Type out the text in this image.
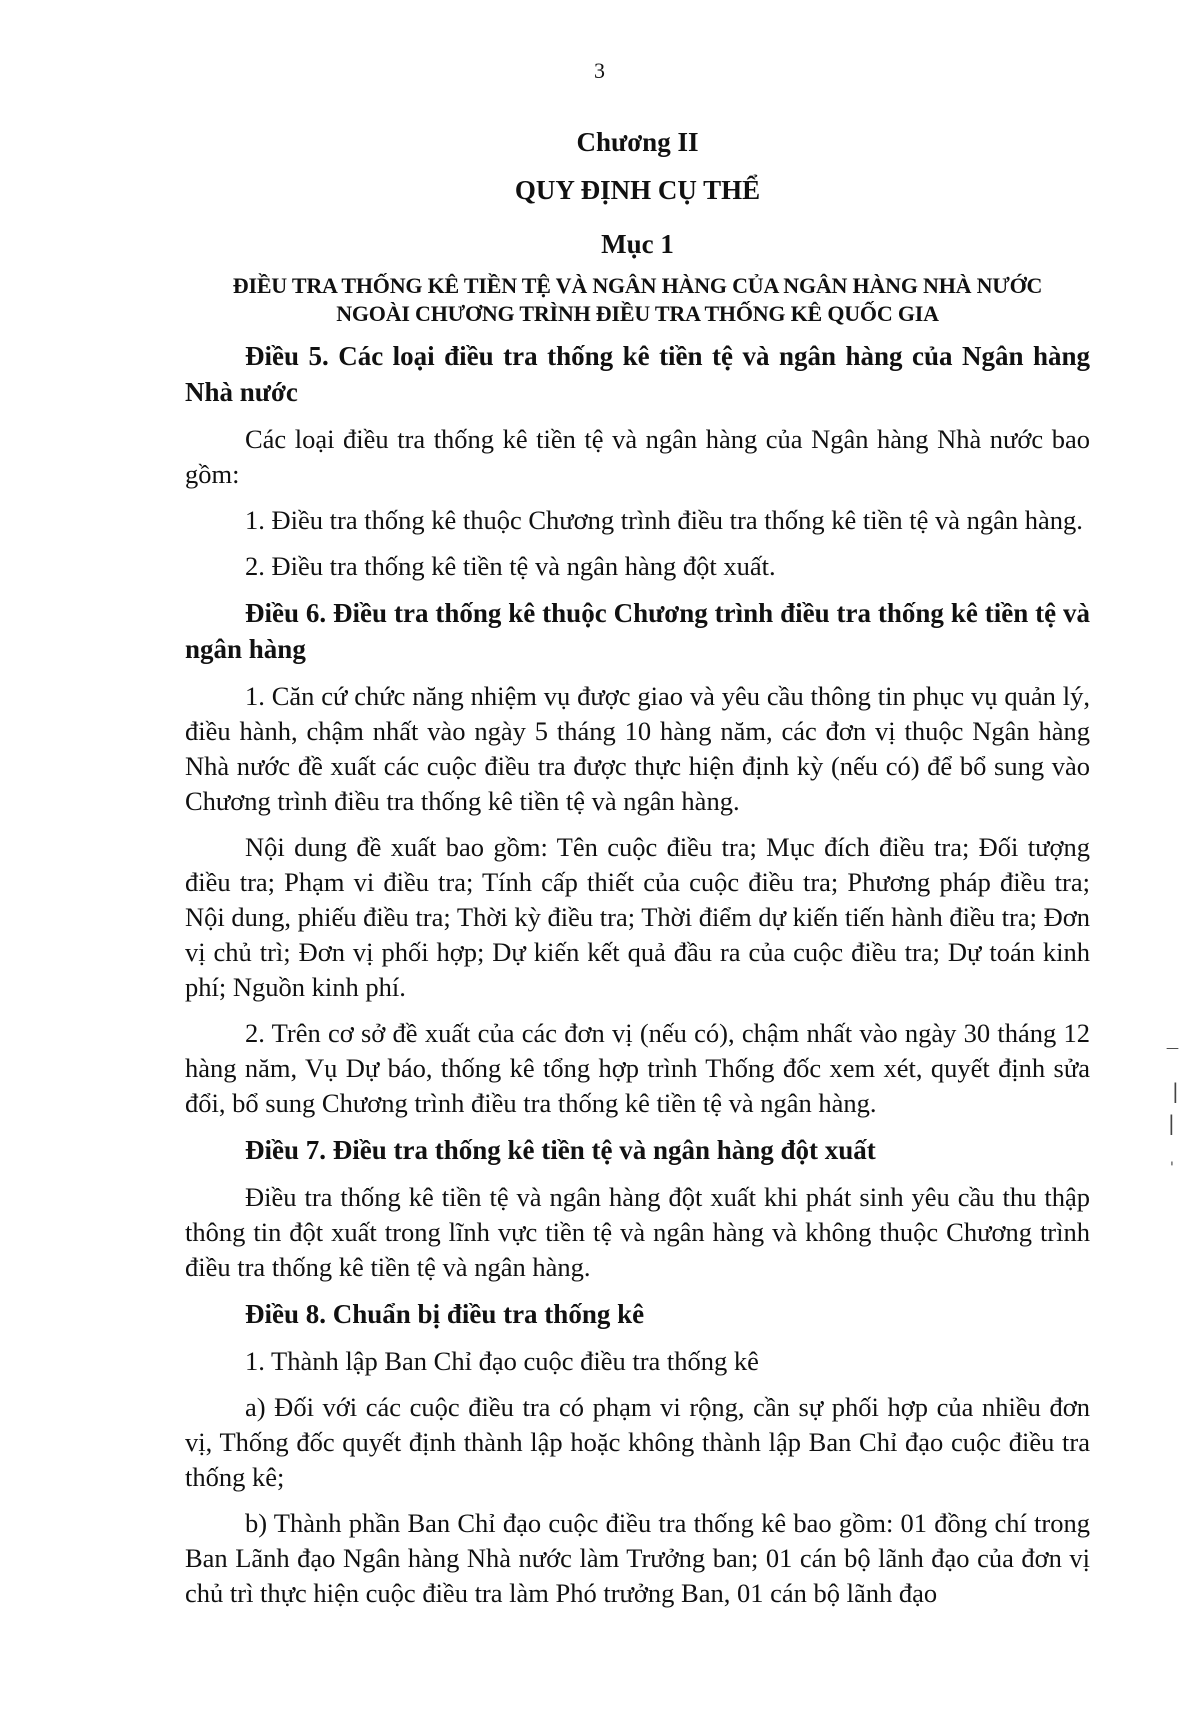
3
—
|
|
'
Chương II
QUY ĐỊNH CỤ THỂ
Mục 1
ĐIỀU TRA THỐNG KÊ TIỀN TỆ VÀ NGÂN HÀNG CỦA NGÂN HÀNG NHÀ NƯỚC
NGOÀI CHƯƠNG TRÌNH ĐIỀU TRA THỐNG KÊ QUỐC GIA
Điều 5. Các loại điều tra thống kê tiền tệ và ngân hàng của Ngân hàng Nhà nước

Các loại điều tra thống kê tiền tệ và ngân hàng của Ngân hàng Nhà nước bao gồm:

1. Điều tra thống kê thuộc Chương trình điều tra thống kê tiền tệ và ngân hàng.

2. Điều tra thống kê tiền tệ và ngân hàng đột xuất.

Điều 6. Điều tra thống kê thuộc Chương trình điều tra thống kê tiền tệ và ngân hàng

1. Căn cứ chức năng nhiệm vụ được giao và yêu cầu thông tin phục vụ quản lý, điều hành, chậm nhất vào ngày 5 tháng 10 hàng năm, các đơn vị thuộc Ngân hàng Nhà nước đề xuất các cuộc điều tra được thực hiện định kỳ (nếu có) để bổ sung vào Chương trình điều tra thống kê tiền tệ và ngân hàng.

Nội dung đề xuất bao gồm: Tên cuộc điều tra; Mục đích điều tra; Đối tượng điều tra; Phạm vi điều tra; Tính cấp thiết của cuộc điều tra; Phương pháp điều tra; Nội dung, phiếu điều tra; Thời kỳ điều tra; Thời điểm dự kiến tiến hành điều tra; Đơn vị chủ trì; Đơn vị phối hợp; Dự kiến kết quả đầu ra của cuộc điều tra; Dự toán kinh phí; Nguồn kinh phí.

2. Trên cơ sở đề xuất của các đơn vị (nếu có), chậm nhất vào ngày 30 tháng 12 hàng năm, Vụ Dự báo, thống kê tổng hợp trình Thống đốc xem xét, quyết định sửa đổi, bổ sung Chương trình điều tra thống kê tiền tệ và ngân hàng.

Điều 7. Điều tra thống kê tiền tệ và ngân hàng đột xuất

Điều tra thống kê tiền tệ và ngân hàng đột xuất khi phát sinh yêu cầu thu thập thông tin đột xuất trong lĩnh vực tiền tệ và ngân hàng và không thuộc Chương trình điều tra thống kê tiền tệ và ngân hàng.

Điều 8. Chuẩn bị điều tra thống kê

1. Thành lập Ban Chỉ đạo cuộc điều tra thống kê

a) Đối với các cuộc điều tra có phạm vi rộng, cần sự phối hợp của nhiều đơn vị, Thống đốc quyết định thành lập hoặc không thành lập Ban Chỉ đạo cuộc điều tra thống kê;

b) Thành phần Ban Chỉ đạo cuộc điều tra thống kê bao gồm: 01 đồng chí trong Ban Lãnh đạo Ngân hàng Nhà nước làm Trưởng ban; 01 cán bộ lãnh đạo của đơn vị chủ trì thực hiện cuộc điều tra làm Phó trưởng Ban, 01 cán bộ lãnh đạo
